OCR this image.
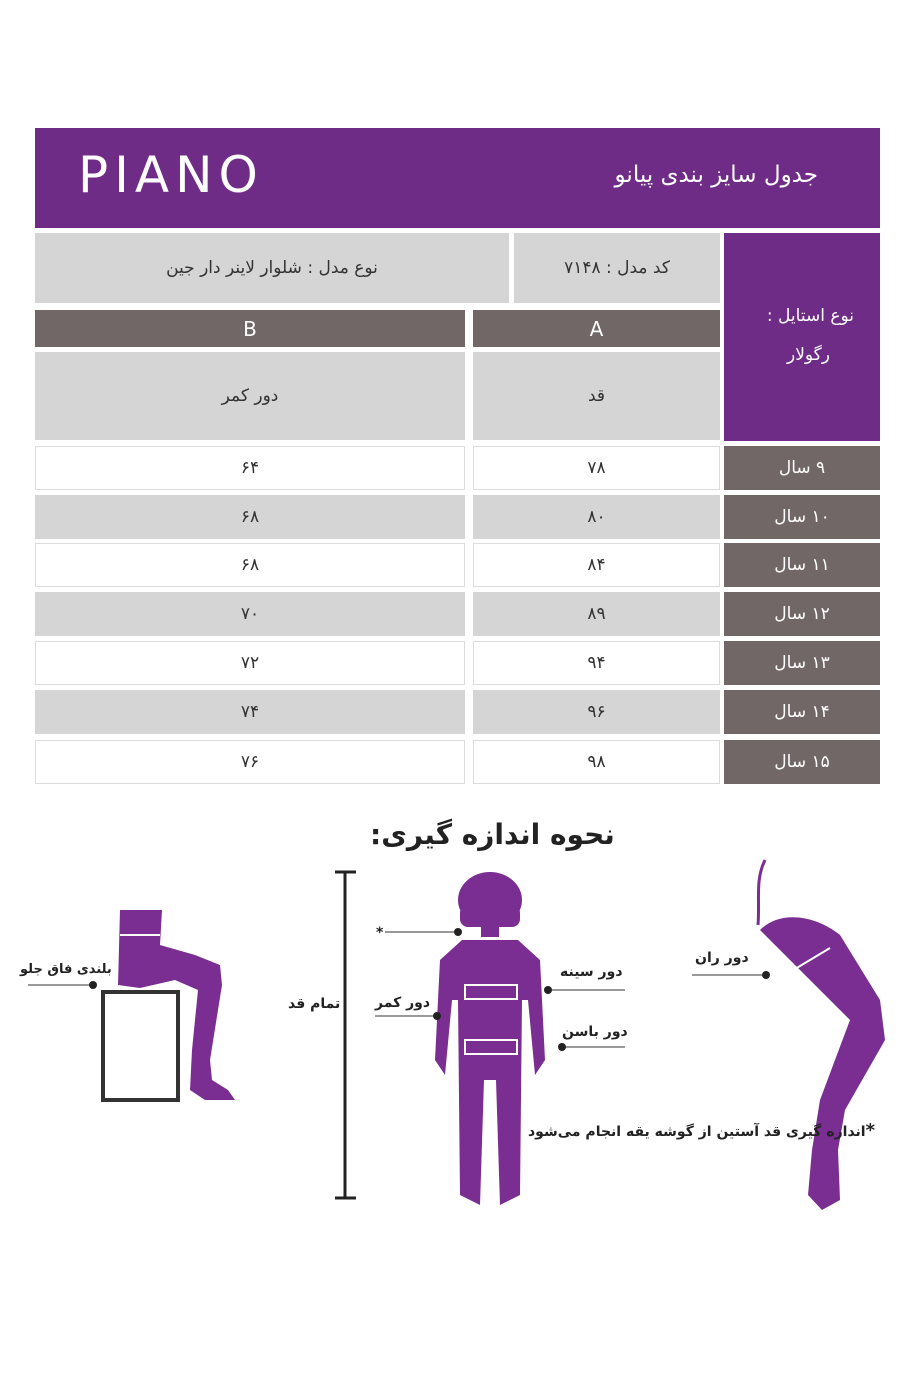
PIANO	جدول سایز بندی پیانو
نوع مدل : شلوار لاینر دار جین	کد مدل : ۷۱۴۸
نوع استایل :
رگولار
B	A
دور کمر	قد
۶۴	۷۸	۹ سال
۶۸	۸۰	۱۰ سال
۶۸	۸۴	۱۱ سال
۷۰	۸۹	۱۲ سال
۷۲	۹۴	۱۳ سال
۷۴	۹۶	۱۴ سال
۷۶	۹۸	۱۵ سال
نحوه اندازه گیری:
بلندی فاق جلو
تمام قد
*
دور کمر
دور سینه
دور باسن
دور ران
*اندازه گیری قد آستین از گوشه یقه انجام می‌شود
